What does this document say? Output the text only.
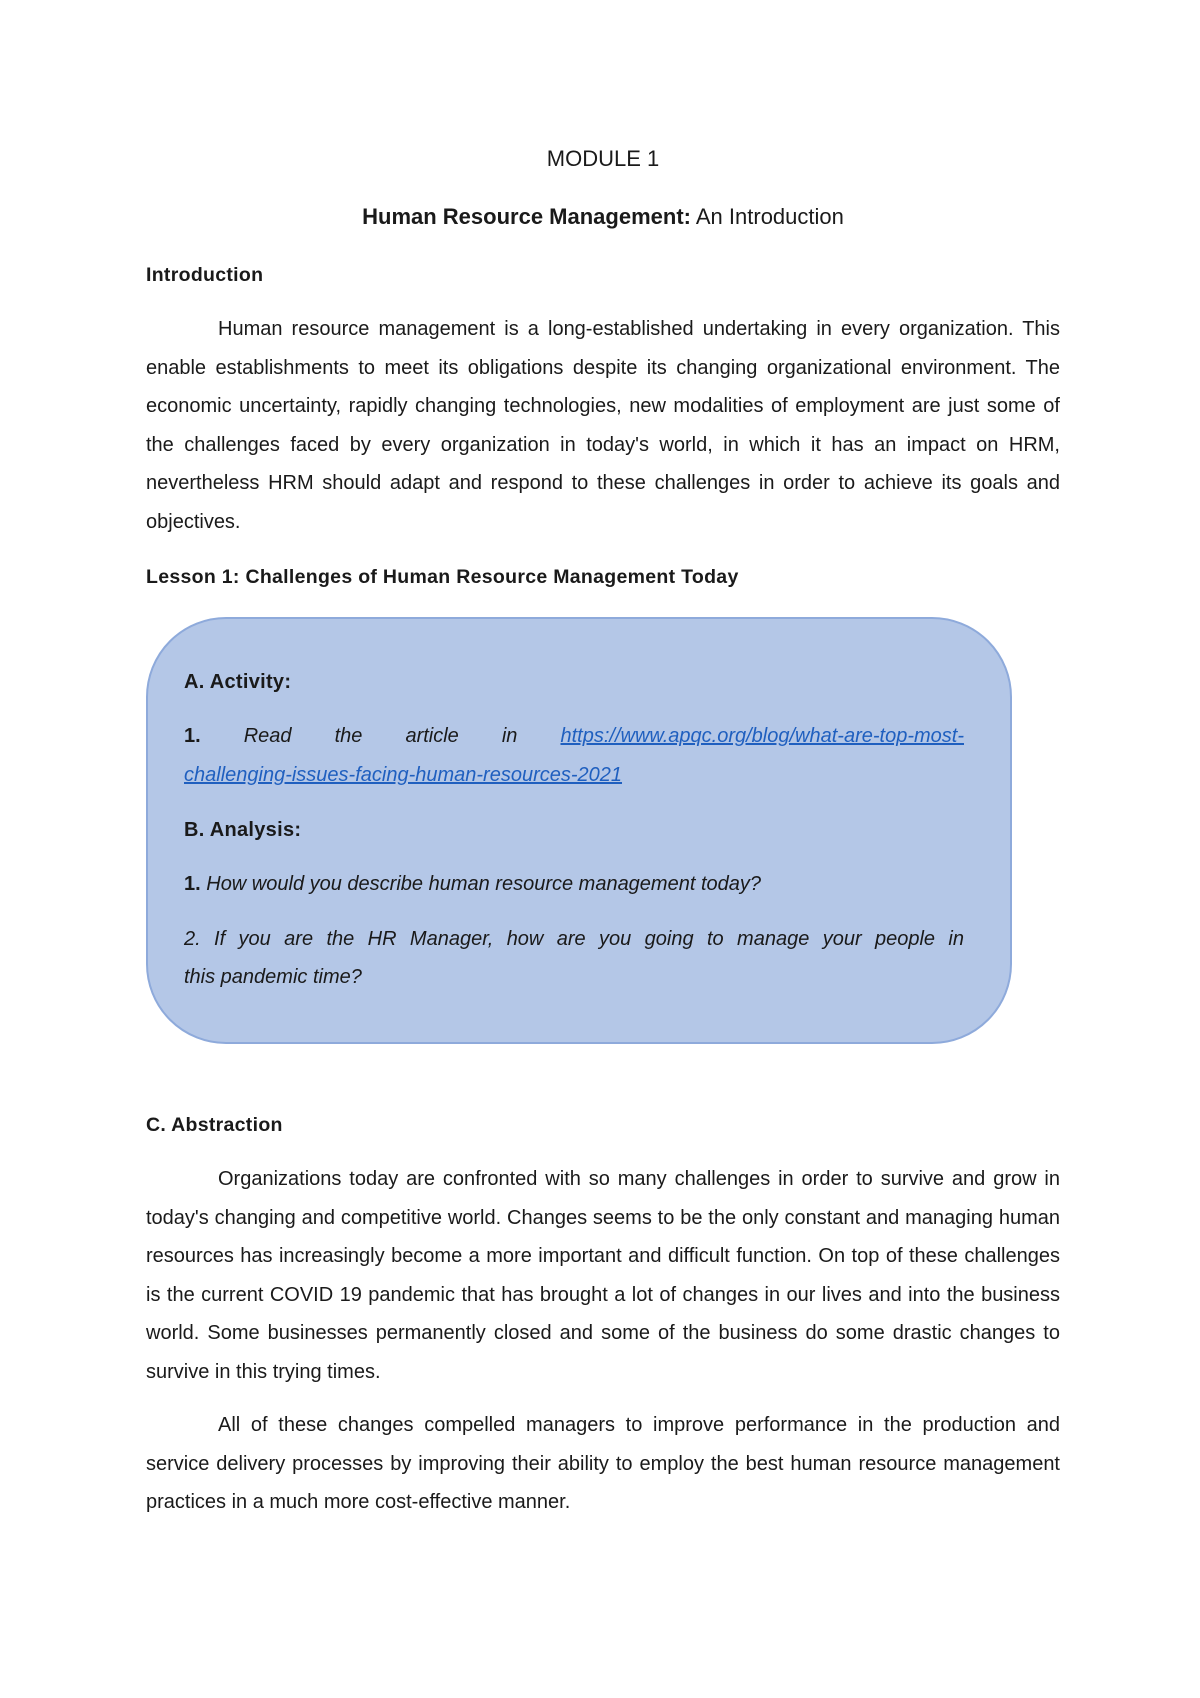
MODULE 1
Human Resource Management: An Introduction
Introduction

Human resource management is a long-established undertaking in every organization. This enable establishments to meet its obligations despite its changing organizational environment. The economic uncertainty, rapidly changing technologies, new modalities of employment are just some of the challenges faced by every organization in today's world, in which it has an impact on HRM, nevertheless HRM should adapt and respond to these challenges in order to achieve its goals and objectives.

Lesson 1: Challenges of Human Resource Management Today
C. Abstraction

Organizations today are confronted with so many challenges in order to survive and grow in today's changing and competitive world. Changes seems to be the only constant and managing human resources has increasingly become a more important and difficult function. On top of these challenges is the current COVID 19 pandemic that has brought a lot of changes in our lives and into the business world. Some businesses permanently closed and some of the business do some drastic changes to survive in this trying times.

All of these changes compelled managers to improve performance in the production and service delivery processes by improving their ability to employ the best human resource management practices in a much more cost-effective manner.

A. Activity:
1. Read the article in https://www.apqc.org/blog/what-are-top-most-
challenging-issues-facing-human-resources-2021
B. Analysis:
1. How would you describe human resource management today?
2. If you are the HR Manager, how are you going to manage your people in
this pandemic time?
